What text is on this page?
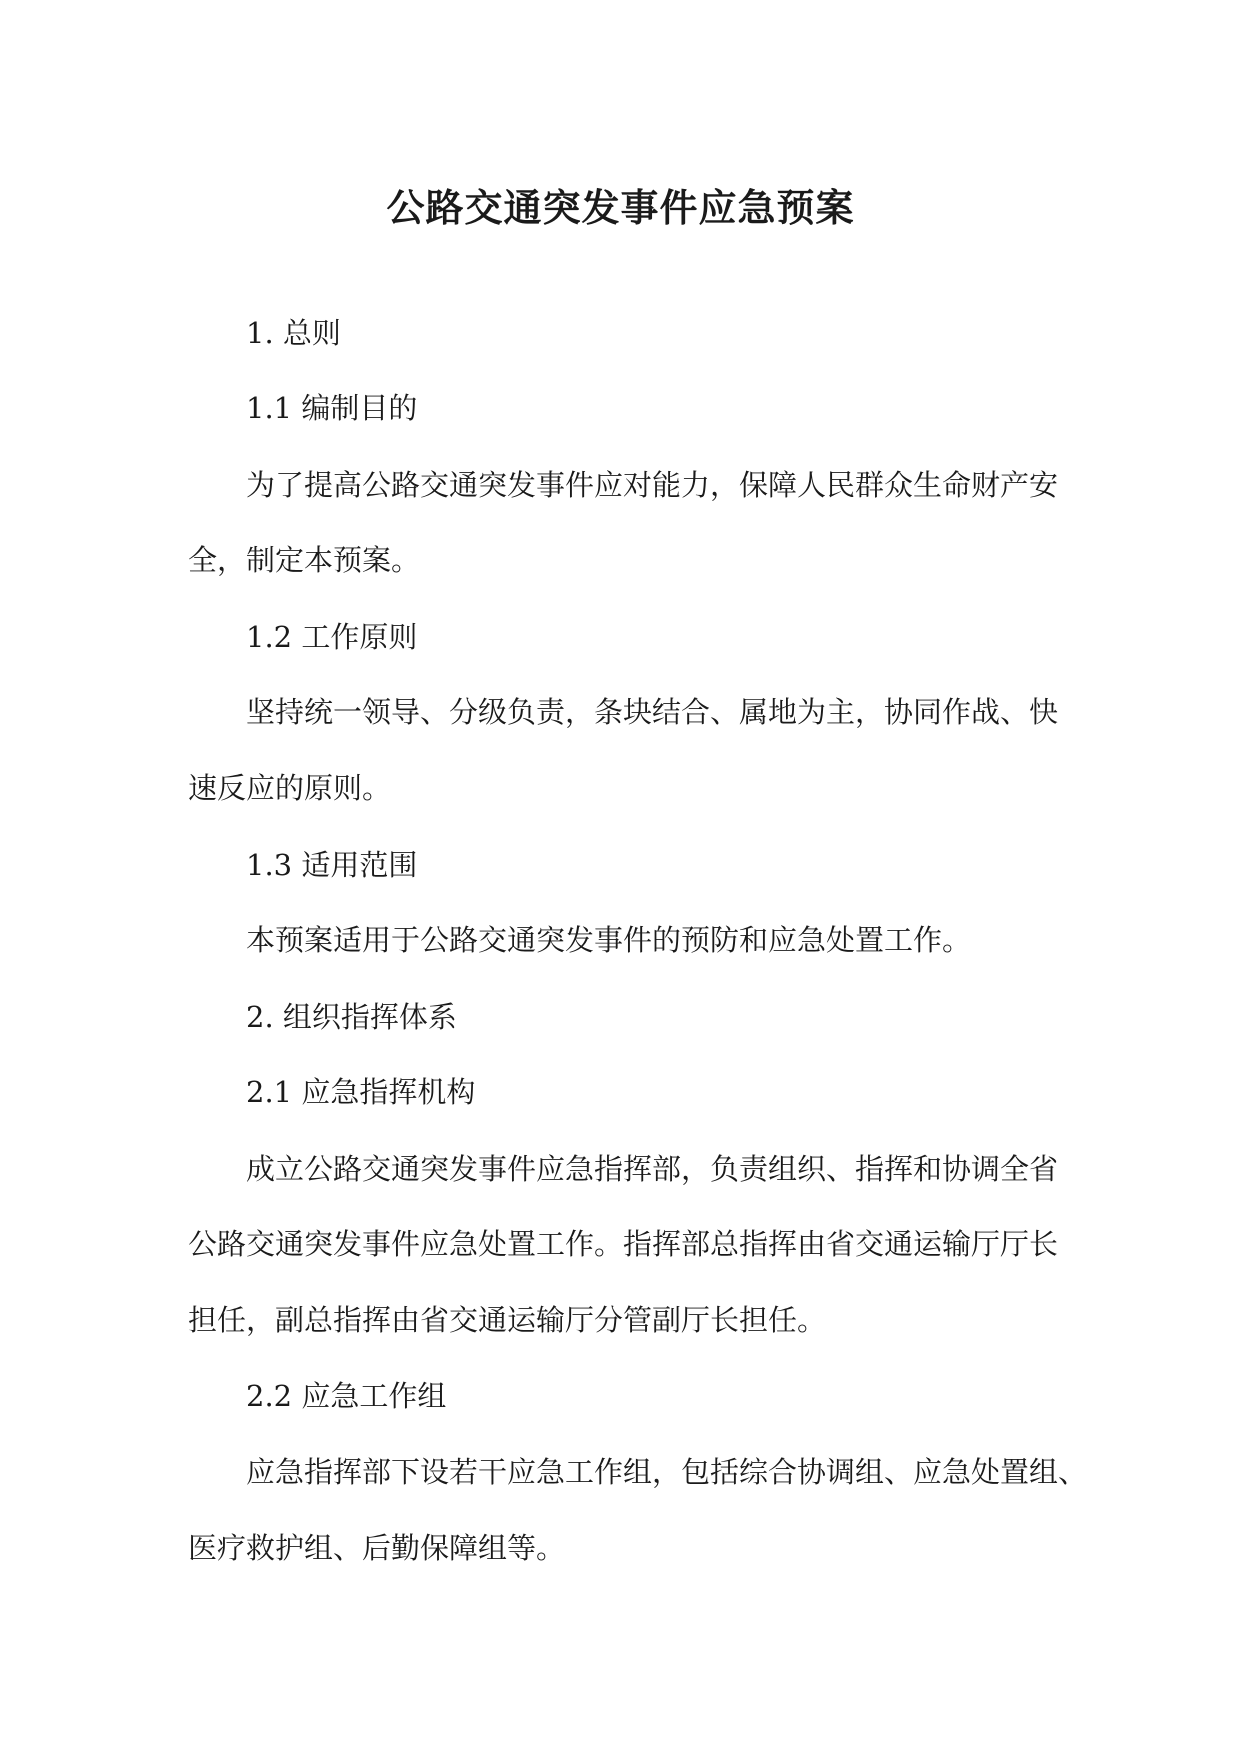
公路交通突发事件应急预案

1. 总则

1.1 编制目的

为了提高公路交通突发事件应对能力，保障人民群众生命财产安

全，制定本预案。

1.2 工作原则

坚持统一领导、分级负责，条块结合、属地为主，协同作战、快

速反应的原则。

1.3 适用范围

本预案适用于公路交通突发事件的预防和应急处置工作。

2. 组织指挥体系

2.1 应急指挥机构

成立公路交通突发事件应急指挥部，负责组织、指挥和协调全省

公路交通突发事件应急处置工作。指挥部总指挥由省交通运输厅厅长

担任，副总指挥由省交通运输厅分管副厅长担任。

2.2 应急工作组

应急指挥部下设若干应急工作组，包括综合协调组、应急处置组、

医疗救护组、后勤保障组等。
